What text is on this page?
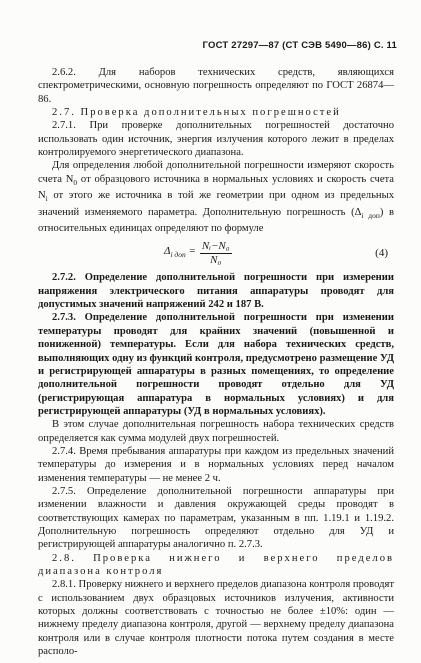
ГОСТ 27297—87 (СТ СЭВ 5490—86) С. 11

2.6.2. Для наборов технических средств, являющихся спектрометрическими, основную погрешность определяют по ГОСТ 26874—86.

2.7. Проверка дополнительных погрешностей

2.7.1. При проверке дополнительных погрешностей достаточно использовать один источник, энергия излучения которого лежит в пределах контролируемого энергетического диапазона.

Для определения любой дополнительной погрешности измеряют скорость счета $N_0$ от образцового источника в нормальных условиях и скорость счета $N_i$ от этого же источника в той же геометрии при одном из предельных значений изменяемого параметра. Дополнительную погрешность $(\Delta_{i доп})$ в относительных единицах определяют по формуле

$\Delta_{i доп} = \frac{\text{Nᵢ−N₀}}{\text{N₀}}$	(4)

2.7.2. Определение дополнительной погрешности при измерении напряжения электрического питания аппаратуры проводят для допустимых значений напряжений 242 и 187 В.

2.7.3. Определение дополнительной погрешности при изменении температуры проводят для крайних значений (повышенной и пониженной) температуры. Если для набора технических средств, выполняющих одну из функций контроля, предусмотрено размещение УД и регистрирующей аппаратуры в разных помещениях, то определение дополнительной погрешности проводят отдельно для УД (регистрирующая аппаратура в нормальных условиях) и для регистрирующей аппаратуры (УД в нормальных условиях).

В этом случае дополнительная погрешность набора технических средств определяется как сумма модулей двух погрешностей.

2.7.4. Время пребывания аппаратуры при каждом из предельных значений температуры до измерения и в нормальных условиях перед началом изменения температуры — не менее 2 ч.

2.7.5. Определение дополнительной погрешности аппаратуры при изменении влажности и давления окружающей среды проводят в соответствующих камерах по параметрам, указанным в пп. 1.19.1 и 1.19.2. Дополнительную погрешность определяют отдельно для УД и регистрирующей аппаратуры аналогично п. 2.7.3.

2.8. Проверка нижнего и верхнего пределов диапазона контроля

2.8.1. Проверку нижнего и верхнего пределов диапазона контроля проводят с использованием двух образцовых источников излучения, активности которых должны соответствовать с точностью не более ±10%: один — нижнему пределу диапазона контроля, другой — верхнему пределу диапазона контроля или в случае контроля плотности потока путем создания в месте располо-
